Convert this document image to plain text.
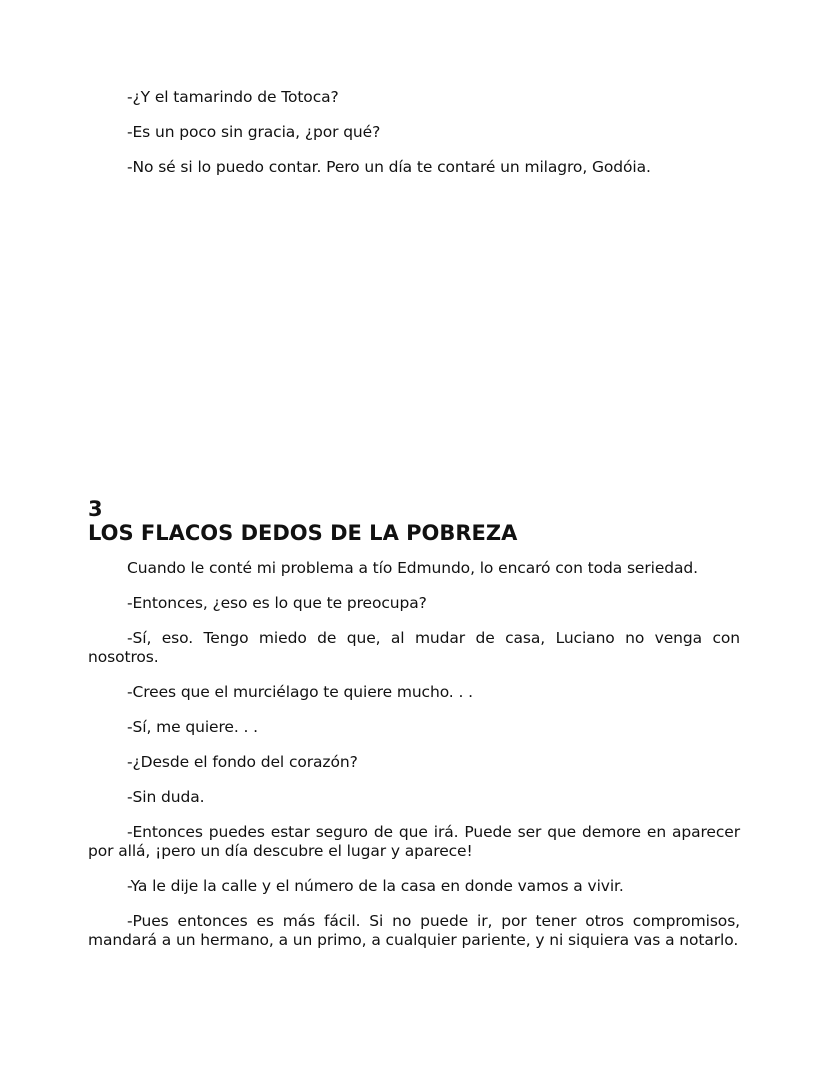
-¿Y el tamarindo de Totoca?

-Es un poco sin gracia, ¿por qué?

-No sé si lo puedo contar. Pero un día te contaré un milagro, Godóia.

3
LOS FLACOS DEDOS DE LA POBREZA

Cuando le conté mi problema a tío Edmundo, lo encaró con toda seriedad.

-Entonces, ¿eso es lo que te preocupa?

-Sí, eso. Tengo miedo de que, al mudar de casa, Luciano no venga con nosotros.

-Crees que el murciélago te quiere mucho. . .

-Sí, me quiere. . .

-¿Desde el fondo del corazón?

-Sin duda.

-Entonces puedes estar seguro de que irá. Puede ser que demore en aparecer por allá, ¡pero un día descubre el lugar y aparece!

-Ya le dije la calle y el número de la casa en donde vamos a vivir.

-Pues entonces es más fácil. Si no puede ir, por tener otros compromisos, mandará a un hermano, a un primo, a cualquier pariente, y ni siquiera vas a notarlo.
